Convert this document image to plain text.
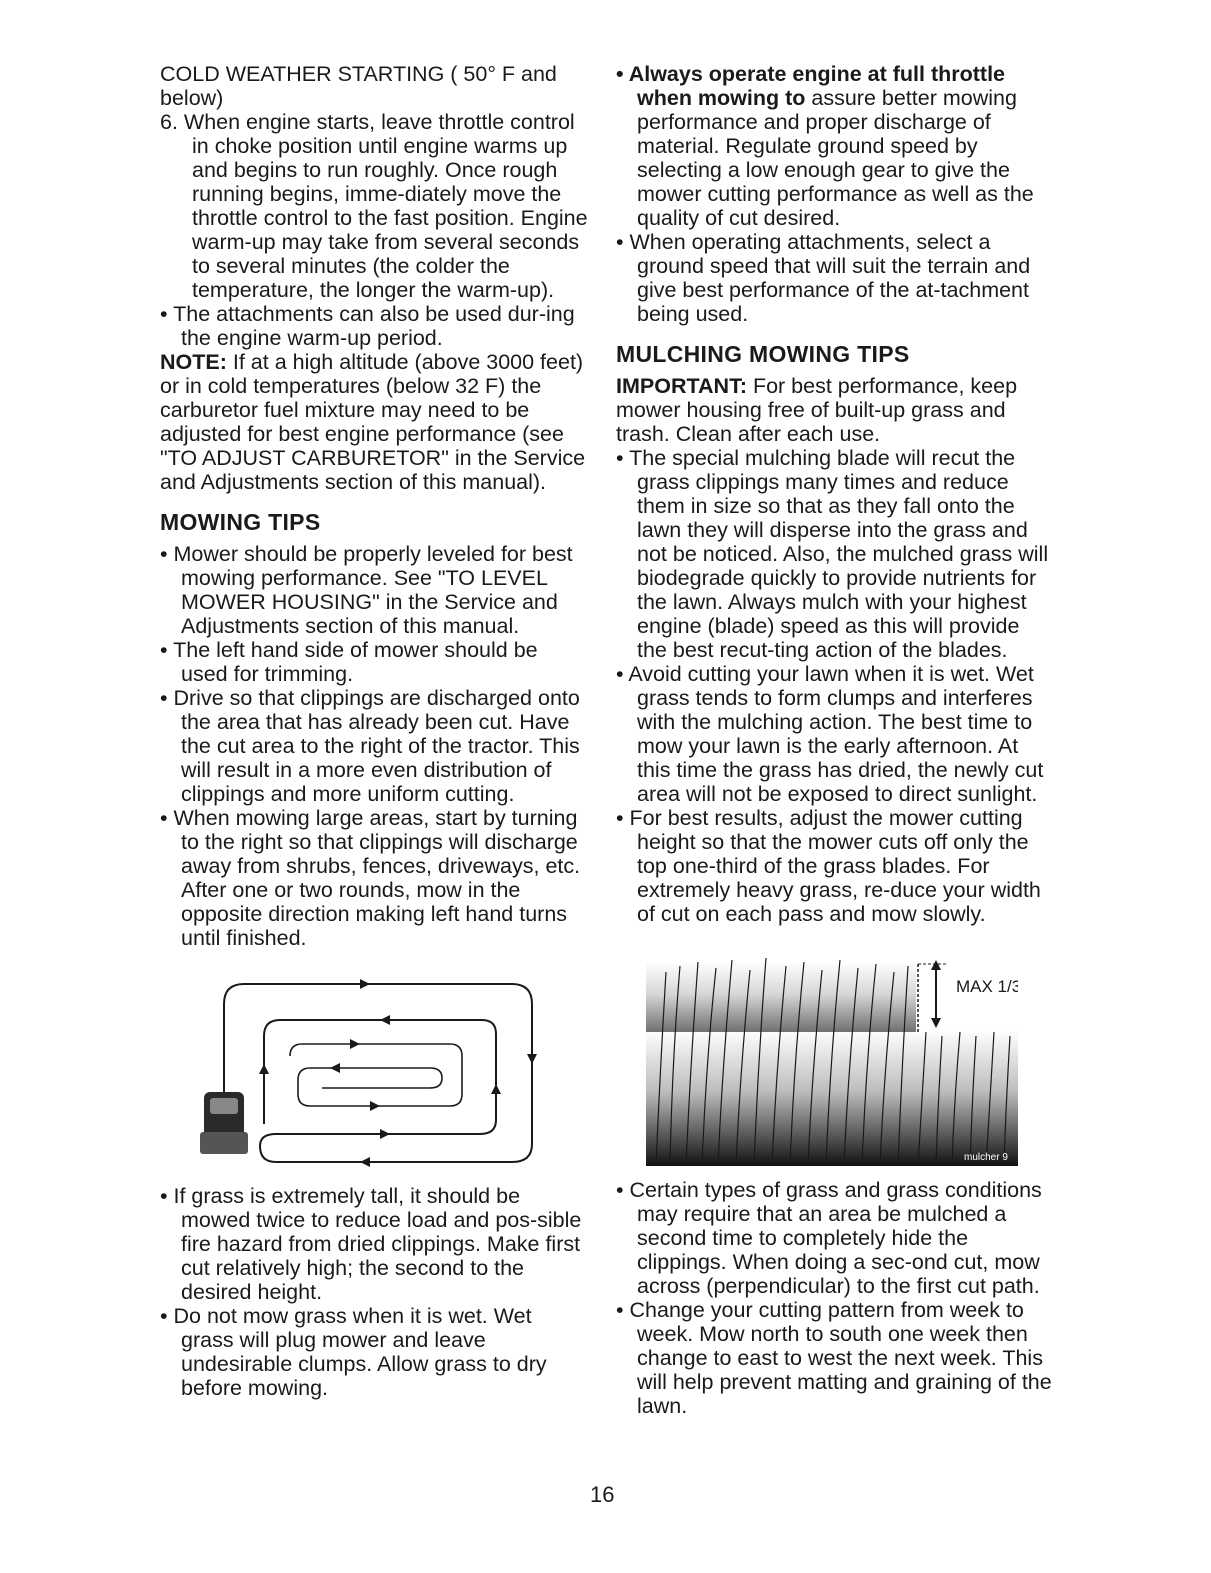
COLD WEATHER STARTING ( 50° F and below)

6. When engine starts, leave throttle control in choke position until engine warms up and begins to run roughly. Once rough running begins, imme-diately move the throttle control to the fast position. Engine warm-up may take from several seconds to several minutes (the colder the temperature, the longer the warm-up).

• The attachments can also be used dur-ing the engine warm-up period.

NOTE: If at a high altitude (above 3000 feet) or in cold temperatures (below 32 F) the carburetor fuel mixture may need to be adjusted for best engine performance (see "TO ADJUST CARBURETOR" in the Service and Adjustments section of this manual).

MOWING TIPS

• Mower should be properly leveled for best mowing performance. See "TO LEVEL MOWER HOUSING" in the Service and Adjustments section of this manual.

• The left hand side of mower should be used for trimming.

• Drive so that clippings are discharged onto the area that has already been cut. Have the cut area to the right of the tractor. This will result in a more even distribution of clippings and more uniform cutting.

• When mowing large areas, start by turning to the right so that clippings will discharge away from shrubs, fences, driveways, etc. After one or two rounds, mow in the opposite direction making left hand turns until finished.

• If grass is extremely tall, it should be mowed twice to reduce load and pos-sible fire hazard from dried clippings. Make first cut relatively high; the second to the desired height.

• Do not mow grass when it is wet. Wet grass will plug mower and leave undesirable clumps. Allow grass to dry before mowing.

• Always operate engine at full throttle when mowing to assure better mowing performance and proper discharge of material. Regulate ground speed by selecting a low enough gear to give the mower cutting performance as well as the quality of cut desired.

• When operating attachments, select a ground speed that will suit the terrain and give best performance of the at-tachment being used.

MULCHING MOWING TIPS

IMPORTANT: For best performance, keep mower housing free of built-up grass and trash. Clean after each use.

• The special mulching blade will recut the grass clippings many times and reduce them in size so that as they fall onto the lawn they will disperse into the grass and not be noticed. Also, the mulched grass will biodegrade quickly to provide nutrients for the lawn. Always mulch with your highest engine (blade) speed as this will provide the best recut-ting action of the blades.

• Avoid cutting your lawn when it is wet. Wet grass tends to form clumps and interferes with the mulching action. The best time to mow your lawn is the early afternoon. At this time the grass has dried, the newly cut area will not be exposed to direct sunlight.

• For best results, adjust the mower cutting height so that the mower cuts off only the top one-third of the grass blades. For extremely heavy grass, re-duce your width of cut on each pass and mow slowly.

MAX 1/3
mulcher 9

• Certain types of grass and grass conditions may require that an area be mulched a second time to completely hide the clippings. When doing a sec-ond cut, mow across (perpendicular) to the first cut path.

• Change your cutting pattern from week to week. Mow north to south one week then change to east to west the next week. This will help prevent matting and graining of the lawn.

16
